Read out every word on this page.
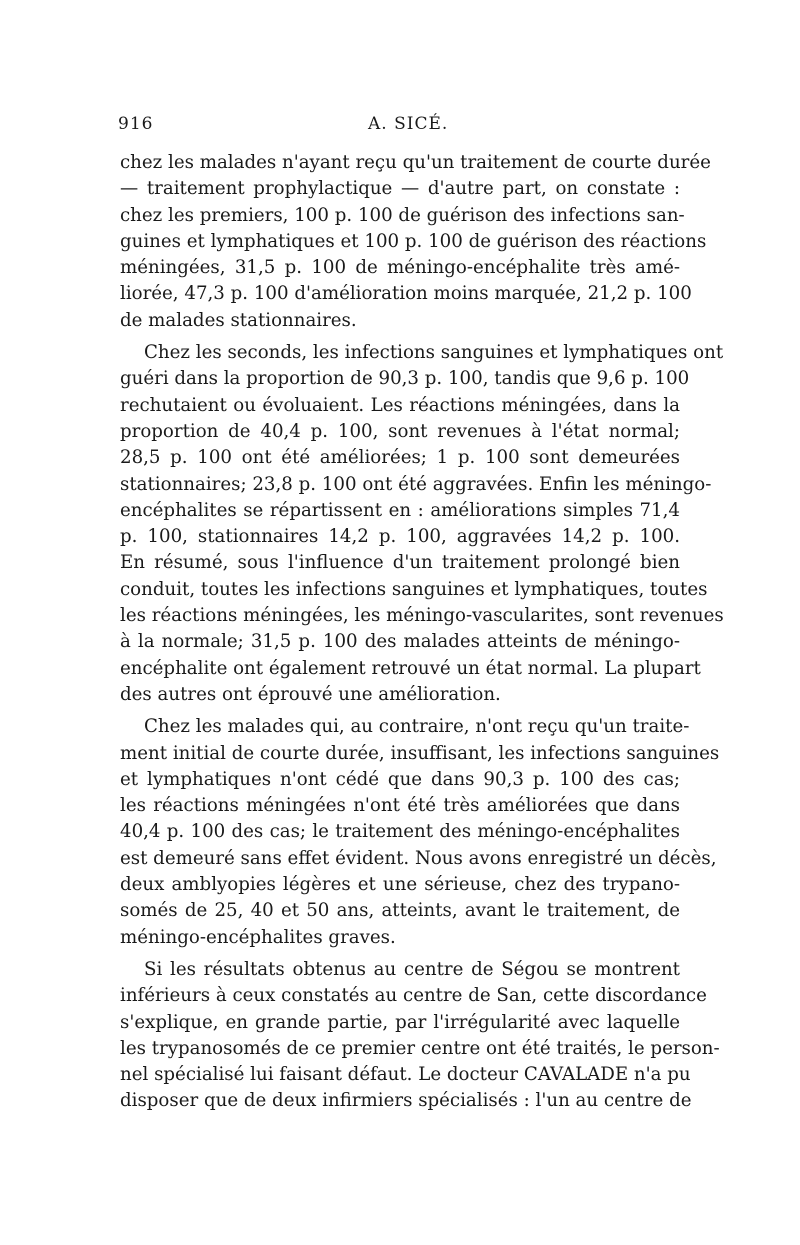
916	A. SICÉ.
chez les malades n'ayant reçu qu'un traitement de courte durée
— traitement prophylactique — d'autre part, on constate :
chez les premiers, 100 p. 100 de guérison des infections san-
guines et lymphatiques et 100 p. 100 de guérison des réactions
méningées, 31,5 p. 100 de méningo-encéphalite très amé-
liorée, 47,3 p. 100 d'amélioration moins marquée, 21,2 p. 100
de malades stationnaires.
Chez les seconds, les infections sanguines et lymphatiques ont
guéri dans la proportion de 90,3 p. 100, tandis que 9,6 p. 100
rechutaient ou évoluaient. Les réactions méningées, dans la
proportion de 40,4 p. 100, sont revenues à l'état normal;
28,5 p. 100 ont été améliorées; 1 p. 100 sont demeurées
stationnaires; 23,8 p. 100 ont été aggravées. Enfin les méningo-
encéphalites se répartissent en : améliorations simples 71,4
p. 100, stationnaires 14,2 p. 100, aggravées 14,2 p. 100.
En résumé, sous l'influence d'un traitement prolongé bien
conduit, toutes les infections sanguines et lymphatiques, toutes
les réactions méningées, les méningo-vascularites, sont revenues
à la normale; 31,5 p. 100 des malades atteints de méningo-
encéphalite ont également retrouvé un état normal. La plupart
des autres ont éprouvé une amélioration.
Chez les malades qui, au contraire, n'ont reçu qu'un traite-
ment initial de courte durée, insuffisant, les infections sanguines
et lymphatiques n'ont cédé que dans 90,3 p. 100 des cas;
les réactions méningées n'ont été très améliorées que dans
40,4 p. 100 des cas; le traitement des méningo-encéphalites
est demeuré sans effet évident. Nous avons enregistré un décès,
deux amblyopies légères et une sérieuse, chez des trypano-
somés de 25, 40 et 50 ans, atteints, avant le traitement, de
méningo-encéphalites graves.
Si les résultats obtenus au centre de Ségou se montrent
inférieurs à ceux constatés au centre de San, cette discordance
s'explique, en grande partie, par l'irrégularité avec laquelle
les trypanosomés de ce premier centre ont été traités, le person-
nel spécialisé lui faisant défaut. Le docteur CAVALADE n'a pu
disposer que de deux infirmiers spécialisés : l'un au centre de
